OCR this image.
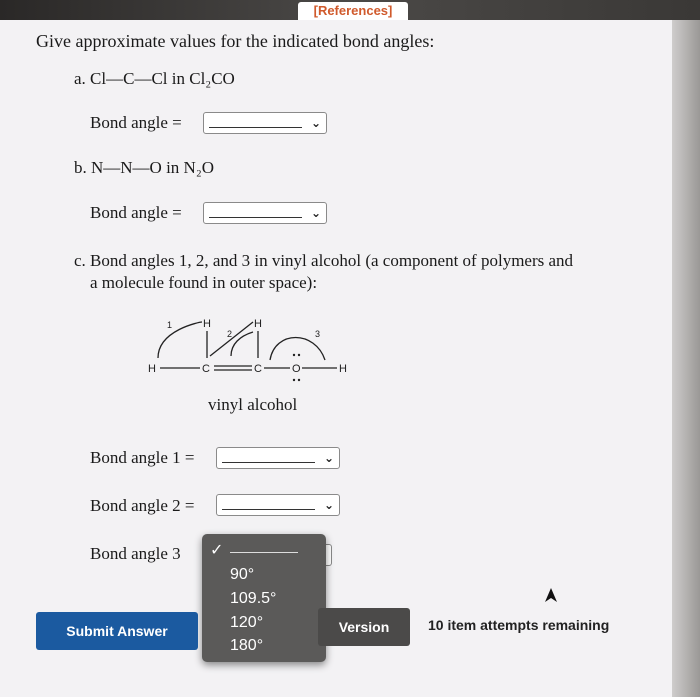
[References]
Give approximate values for the indicated bond angles:
a. Cl—C—Cl in Cl₂CO
Bond angle =	⌄
b. N—N—O in N₂O
Bond angle =	⌄
c. Bond angles 1, 2, and 3 in vinyl alcohol (a component of polymers and
a molecule found in outer space):
H	C	C	O	H
H	H
1
2	3
vinyl alcohol
Bond angle 1 =	⌄
Bond angle 2 =	⌄
Bond angle 3 ✓
90°
109.5°
120°
180°
Submit Answer	Version	10 item attempts remaining
